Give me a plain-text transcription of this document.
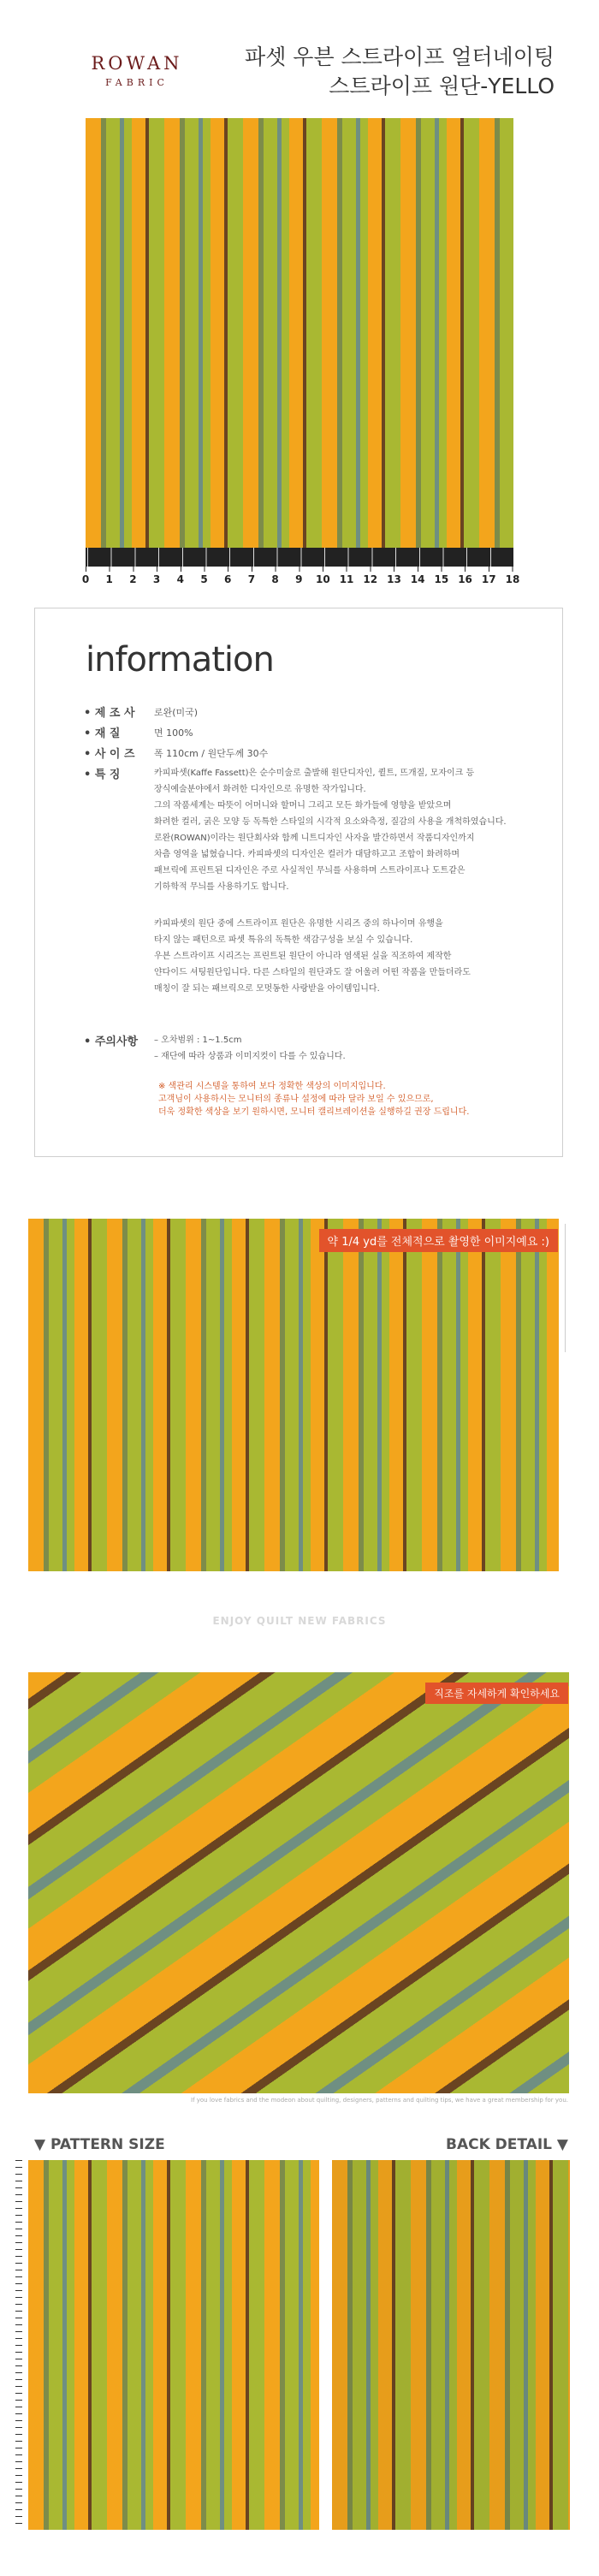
ROWAN
FABRIC
파셋 우븐 스트라이프 얼터네이팅
스트라이프 원단-YELLO
0	1	2	3	4	5	6	7	8	9	10 11 12 13 14 15 16 17 18
information
• 제 조 사 로완(미국)
• 재 질	면 100%
• 사 이 즈 폭 110cm / 원단두께 30수
• 특 징	카피파셋(Kaffe Fassett)은 순수미술로 출발해 원단디자인, 퀼트, 뜨개질, 모자이크 등
장식예술분야에서 화려한 디자인으로 유명한 작가입니다.
그의 작품세계는 따뜻이 어머니와 할머니 그리고 모든 화가들에 영향을 받았으며
화려한 컬러, 굵은 모양 등 독특한 스타일의 시각적 요소와측정, 질감의 사용을 개척하였습니다.
로완(ROWAN)이라는 원단회사와 함께 니트디자인 사자을 발간하면서 작품디자인까지
차츰 영역을 넓혔습니다. 카피파셋의 디자인은 컬러가 대담하고고 조합이 화려하며
패브릭에 프린트된 디자인은 주로 사실적인 무늬를 사용하며 스트라이프나 도트같은
기하학적 무늬를 사용하기도 합니다.
카피파셋의 원단 중에 스트라이프 원단은 유명한 시리즈 중의 하나이며 유행을
타지 않는 패턴으로 파셋 특유의 독특한 색감구성을 보실 수 있습니다.
우븐 스트라이프 시리즈는 프린트된 원단이 아니라 염색된 실을 직조하여 제작한
얀다이드 셔팅원단입니다. 다른 스타일의 원단과도 잘 어울려 어떤 작품을 만들더라도
매칭이 잘 되는 패브릭으로 모멋동한 사랑받을 아이템입니다.
• 주의사항 – 오차범위 : 1~1.5cm
– 재단에 따라 상품과 이미지컷이 다를 수 있습니다.
※ 색관리 시스템을 통하여 보다 정확한 색상의 이미지입니다.
고객님이 사용하시는 모니터의 종류나 설정에 따라 달라 보일 수 있으므로,
더욱 정확한 색상을 보기 원하시면, 모니터 캘리브레이션을 실행하길 권장 드립니다.
약 1/4 yd를 전체적으로 촬영한 이미지예요 :)
ENJOY QUILT NEW FABRICS
직조를 자세하게 확인하세요
If you love fabrics and the modeon about quilting, designers, patterns and quilting tips, we have a great membership for you.
▼ PATTERN SIZE	BACK DETAIL ▼
